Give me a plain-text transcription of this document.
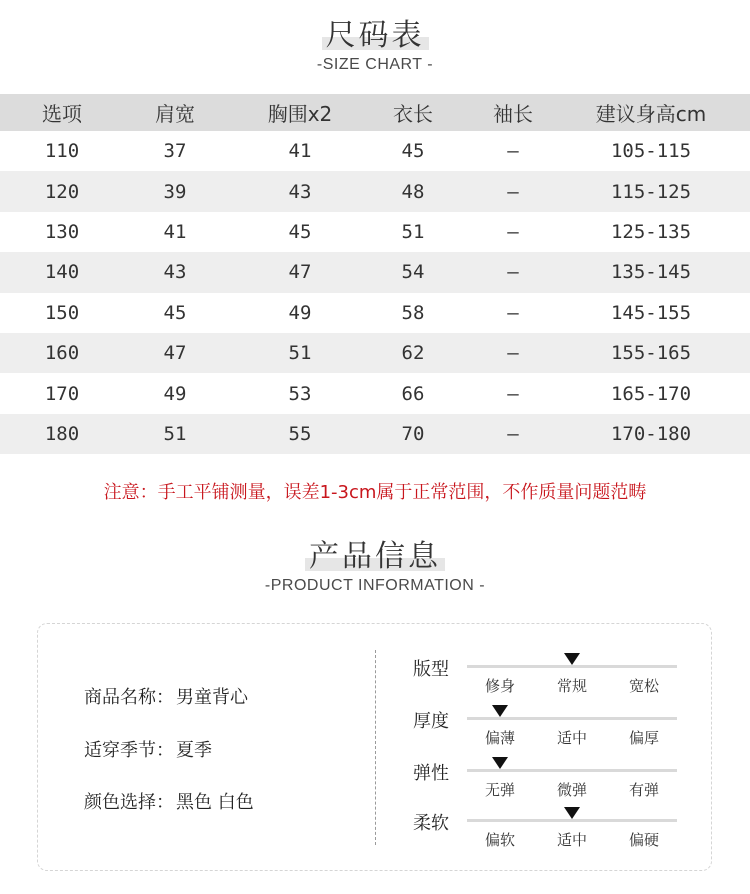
尺码表
-SIZE CHART -
选项	肩宽	胸围x2	衣长	袖长	建议身高cm
110	37	41	45	–	105-115
120	39	43	48	–	115-125
130	41	45	51	–	125-135
140	43	47	54	–	135-145
150	45	49	58	–	145-155
160	47	51	62	–	155-165
170	49	53	66	–	165-170
180	51	55	70	–	170-180
注意：手工平铺测量，误差1-3cm属于正常范围，不作质量问题范畴
产品信息
-PRODUCT INFORMATION -
商品名称： 男童背心
适穿季节： 夏季
颜色选择： 黑色 白色
版型
修身	常规	宽松
厚度
偏薄	适中	偏厚
弹性
无弹	微弹	有弹
柔软
偏软	适中	偏硬
